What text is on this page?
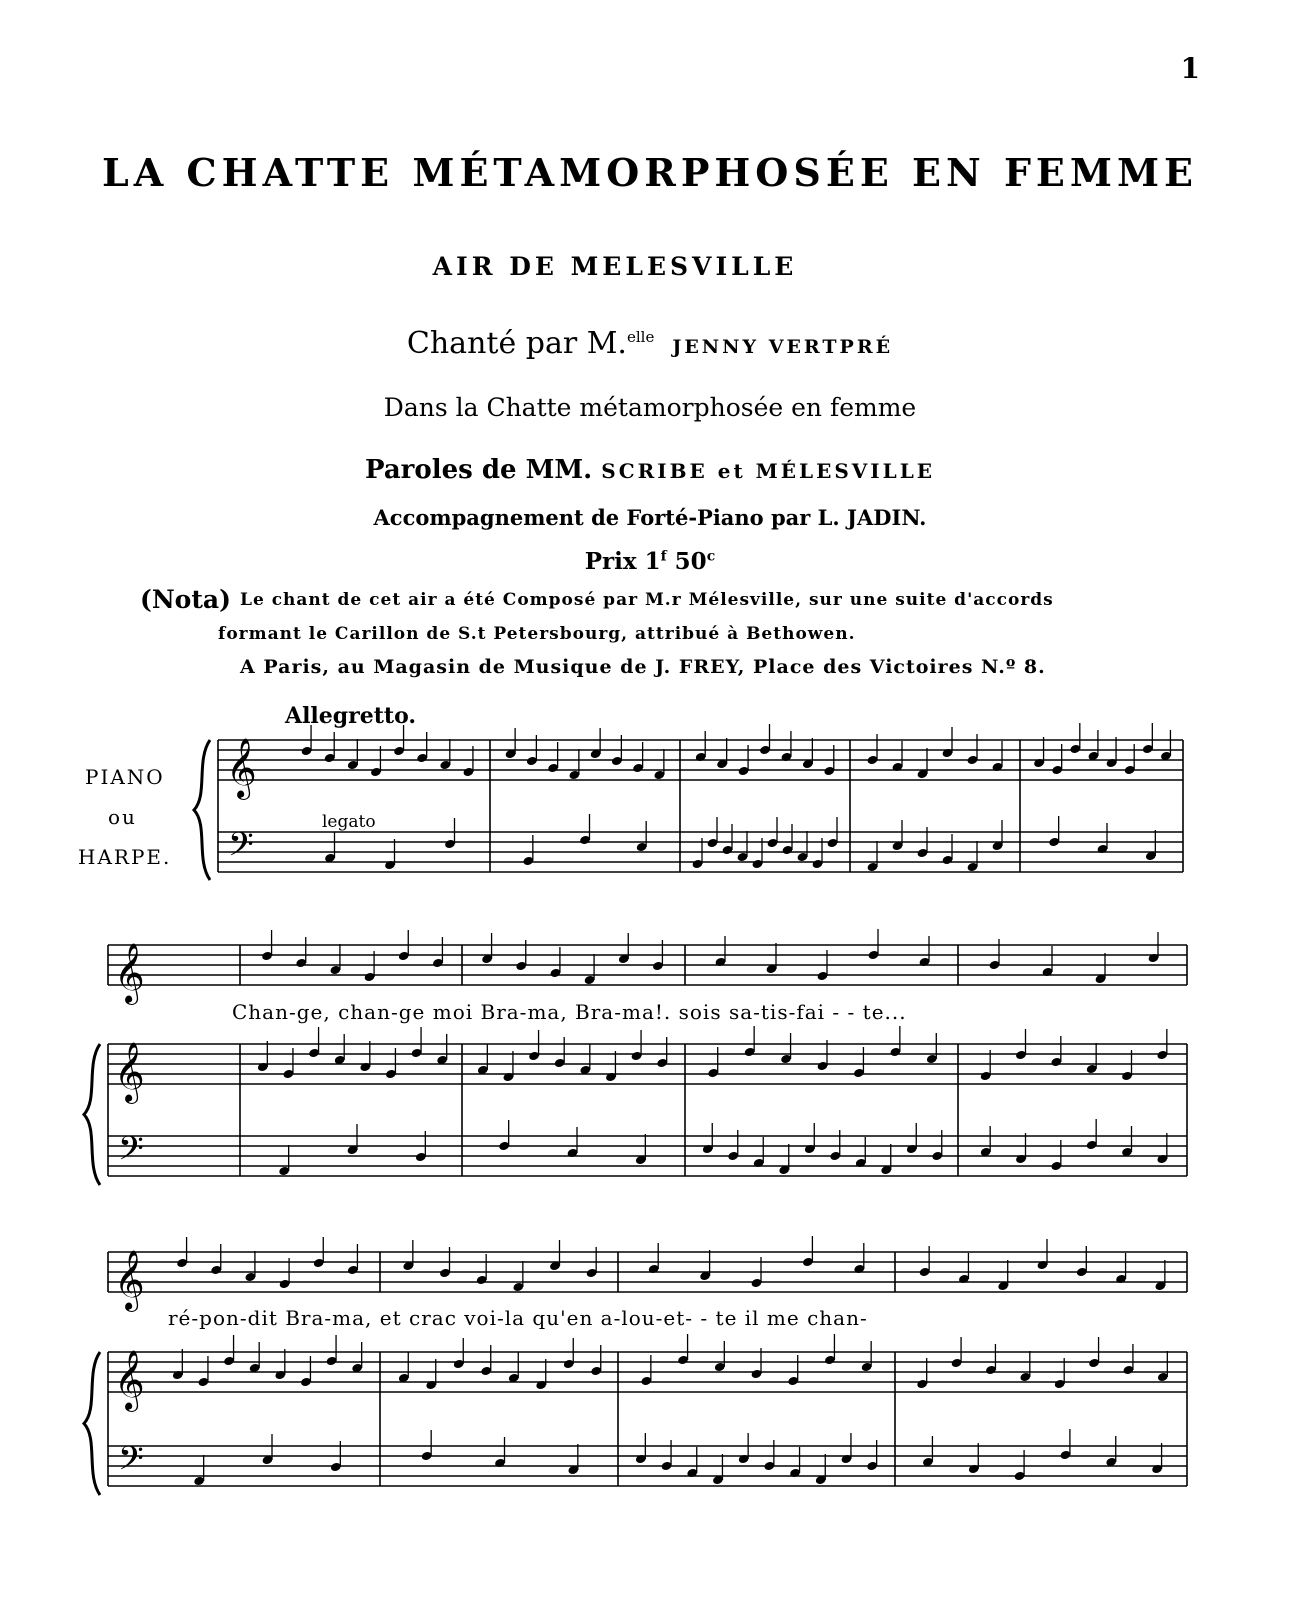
1
LA CHATTE MÉTAMORPHOSÉE EN FEMME
AIR DE MELESVILLE
Chanté par M.$^{elle}$ JENNY VERTPRÉ
Dans la Chatte métamorphosée en femme
Paroles de MM. SCRIBE et MÉLESVILLE
Accompagnement de Forté-Piano par L. JADIN.
Prix 1$^f$ 50$^c$
(Nota) Le chant de cet air a été Composé par M.r Mélesville, sur une suite d'accords
formant le Carillon de S.t Petersbourg, attribué à Bethowen.
A Paris, au Magasin de Musique de J. FREY, Place des Victoires N.º 8.
Allegretto.
PIANO
ou
HARPE.
legato
Chan-ge, chan-ge moi Bra-ma, Bra-ma!. sois sa-tis-fai - - te...
ré-pon-dit Bra-ma, et crac voi-la qu'en a-lou-et- - te il me chan-
𝄞
𝄢
𝄞
𝄞
𝄢
𝄞
𝄞
𝄢
